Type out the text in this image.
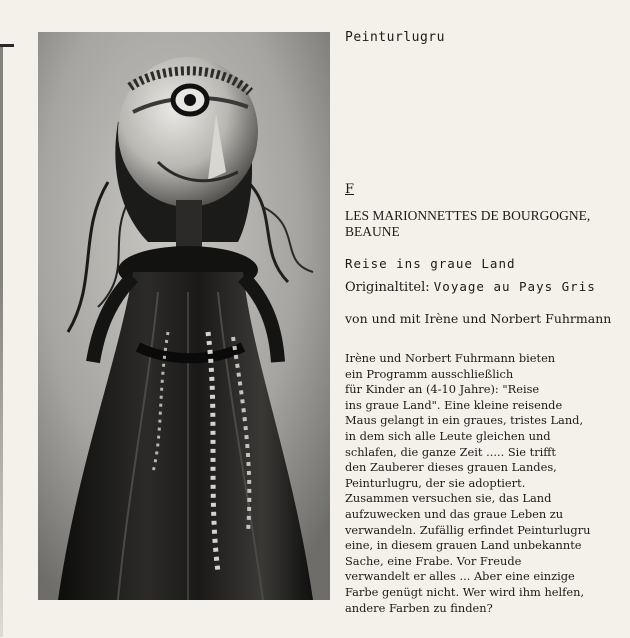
Peinturlugru
F
LES MARIONNETTES DE BOURGOGNE,
BEAUNE
Reise ins graue Land
Originaltitel: Voyage au Pays Gris
von und mit Irène und Norbert Fuhrmann
Irène und Norbert Fuhrmann bieten
ein Programm ausschließlich
für Kinder an (4-10 Jahre): "Reise
ins graue Land". Eine kleine reisende
Maus gelangt in ein graues, tristes Land,
in dem sich alle Leute gleichen und
schlafen, die ganze Zeit ..... Sie trifft
den Zauberer dieses grauen Landes,
Peinturlugru, der sie adoptiert.
Zusammen versuchen sie, das Land
aufzuwecken und das graue Leben zu
verwandeln. Zufällig erfindet Peinturlugru
eine, in diesem grauen Land unbekannte
Sache, eine Frabe. Vor Freude
verwandelt er alles ... Aber eine einzige
Farbe genügt nicht. Wer wird ihm helfen,
andere Farben zu finden?
